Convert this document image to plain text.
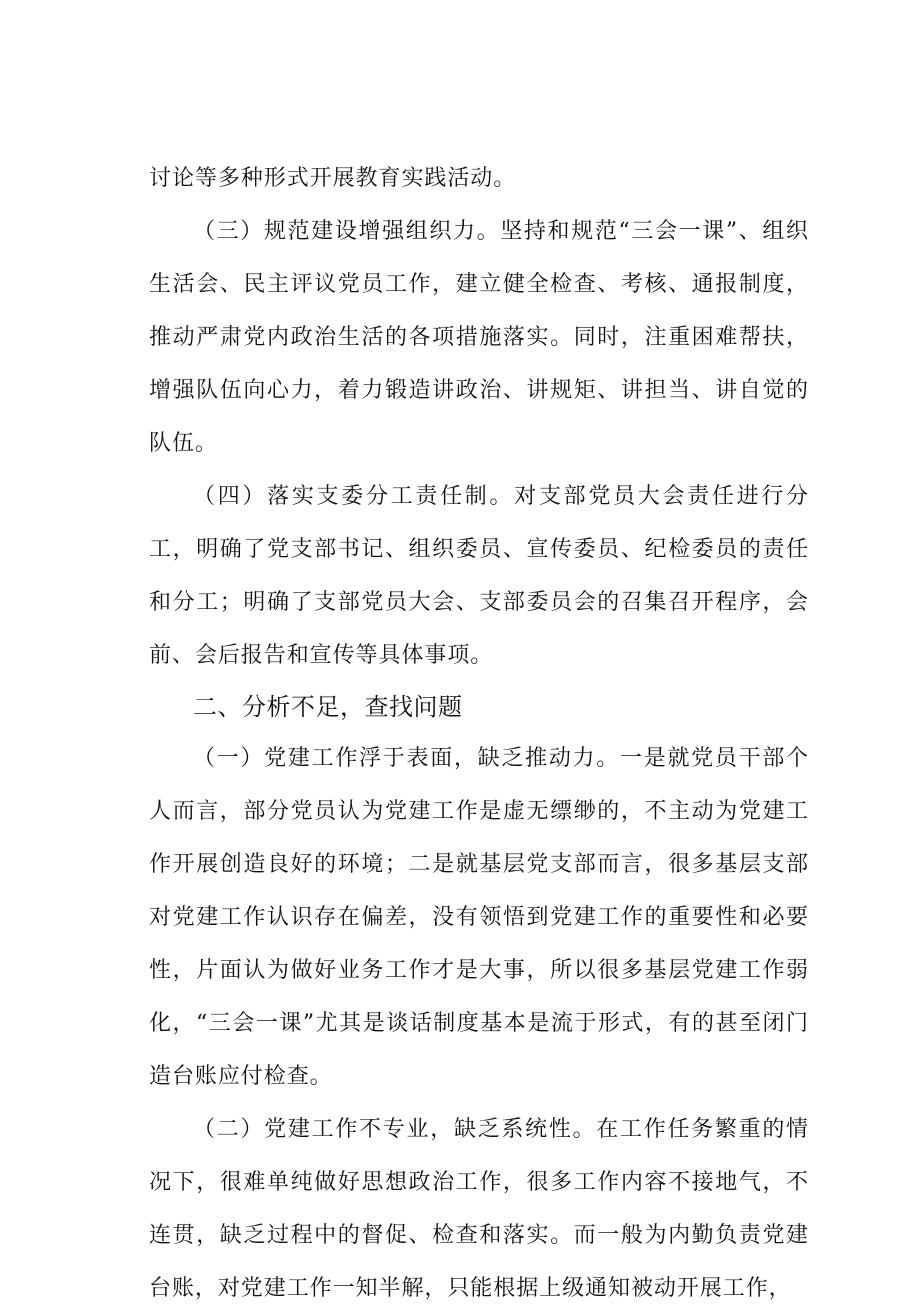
讨论等多种形式开展教育实践活动。

（三）规范建设增强组织力。坚持和规范“三会一课”、组织生活会、民主评议党员工作，建立健全检查、考核、通报制度，推动严肃党内政治生活的各项措施落实。同时，注重困难帮扶，增强队伍向心力，着力锻造讲政治、讲规矩、讲担当、讲自觉的队伍。

（四）落实支委分工责任制。对支部党员大会责任进行分工，明确了党支部书记、组织委员、宣传委员、纪检委员的责任和分工；明确了支部党员大会、支部委员会的召集召开程序，会前、会后报告和宣传等具体事项。

二、分析不足，查找问题

（一）党建工作浮于表面，缺乏推动力。一是就党员干部个人而言，部分党员认为党建工作是虚无缥缈的，不主动为党建工作开展创造良好的环境；二是就基层党支部而言，很多基层支部对党建工作认识存在偏差，没有领悟到党建工作的重要性和必要性，片面认为做好业务工作才是大事，所以很多基层党建工作弱化，“三会一课”尤其是谈话制度基本是流于形式，有的甚至闭门造台账应付检查。

（二）党建工作不专业，缺乏系统性。在工作任务繁重的情况下，很难单纯做好思想政治工作，很多工作内容不接地气，不连贯，缺乏过程中的督促、检查和落实。而一般为内勤负责党建台账，对党建工作一知半解，只能根据上级通知被动开展工作，
